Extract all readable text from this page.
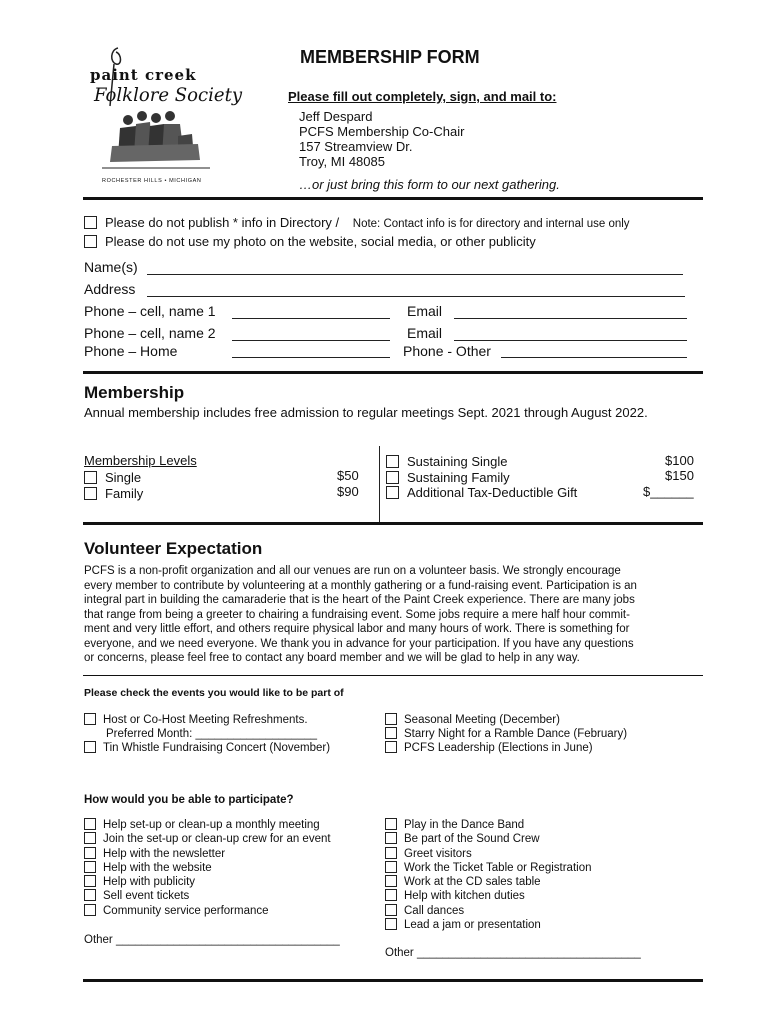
paint creek
Folklore Society
ROCHESTER HILLS • MICHIGAN
MEMBERSHIP FORM
Please fill out completely, sign, and mail to:
Jeff Despard
PCFS Membership Co-Chair
157 Streamview Dr.
Troy, MI 48085
…or just bring this form to our next gathering.
Please do not publish * info in Directory / Note: Contact info is for directory and internal use only
Please do not use my photo on the website, social media, or other publicity
Name(s)
Address
Phone – cell, name 1	Email
Phone – cell, name 2	Email
Phone – Home	Phone - Other
Membership
Annual membership includes free admission to regular meetings Sept. 2021 through August 2022.
Membership Levels
Single	$50
Family	$90
Sustaining Single	$100
Sustaining Family	$150
Additional Tax-Deductible Gift	$______
Volunteer Expectation
PCFS is a non-profit organization and all our venues are run on a volunteer basis. We strongly encourage
every member to contribute by volunteering at a monthly gathering or a fund-raising event. Participation is an
integral part in building the camaraderie that is the heart of the Paint Creek experience. There are many jobs
that range from being a greeter to chairing a fundraising event. Some jobs require a mere half hour commit-
ment and very little effort, and others require physical labor and many hours of work. There is something for
everyone, and we need everyone. We thank you in advance for your participation. If you have any questions
or concerns, please feel free to contact any board member and we will be glad to help in any way.
Please check the events you would like to be part of
Host or Co-Host Meeting Refreshments.
Preferred Month: ___________________
Tin Whistle Fundraising Concert (November)
Seasonal Meeting (December)
Starry Night for a Ramble Dance (February)
PCFS Leadership (Elections in June)
How would you be able to participate?
Help set-up or clean-up a monthly meeting
Join the set-up or clean-up crew for an event
Help with the newsletter
Help with the website
Help with publicity
Sell event tickets
Community service performance
Other ___________________________________
Play in the Dance Band
Be part of the Sound Crew
Greet visitors
Work the Ticket Table or Registration
Work at the CD sales table
Help with kitchen duties
Call dances
Lead a jam or presentation
Other ___________________________________
